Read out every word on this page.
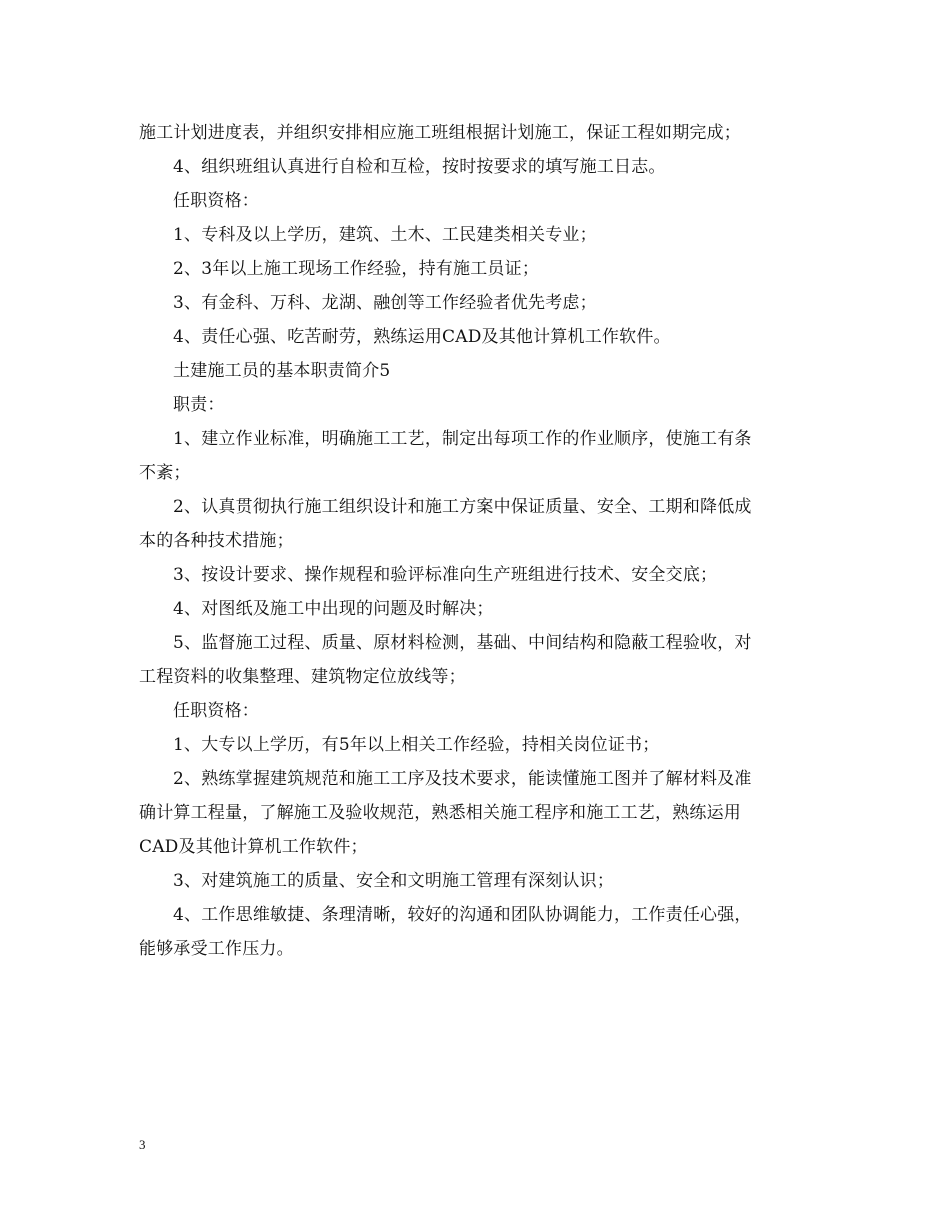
施工计划进度表，并组织安排相应施工班组根据计划施工，保证工程如期完成；
4、组织班组认真进行自检和互检，按时按要求的填写施工日志。
任职资格：
1、专科及以上学历，建筑、土木、工民建类相关专业；
2、3年以上施工现场工作经验，持有施工员证；
3、有金科、万科、龙湖、融创等工作经验者优先考虑；
4、责任心强、吃苦耐劳，熟练运用CAD及其他计算机工作软件。
土建施工员的基本职责简介5
职责：
1、建立作业标准，明确施工工艺，制定出每项工作的作业顺序，使施工有条
不紊；
2、认真贯彻执行施工组织设计和施工方案中保证质量、安全、工期和降低成
本的各种技术措施；
3、按设计要求、操作规程和验评标准向生产班组进行技术、安全交底；
4、对图纸及施工中出现的问题及时解决；
5、监督施工过程、质量、原材料检测，基础、中间结构和隐蔽工程验收，对
工程资料的收集整理、建筑物定位放线等；
任职资格：
1、大专以上学历，有5年以上相关工作经验，持相关岗位证书；
2、熟练掌握建筑规范和施工工序及技术要求，能读懂施工图并了解材料及准
确计算工程量，了解施工及验收规范，熟悉相关施工程序和施工工艺，熟练运用
CAD及其他计算机工作软件；
3、对建筑施工的质量、安全和文明施工管理有深刻认识；
4、工作思维敏捷、条理清晰，较好的沟通和团队协调能力，工作责任心强，
能够承受工作压力。
3
